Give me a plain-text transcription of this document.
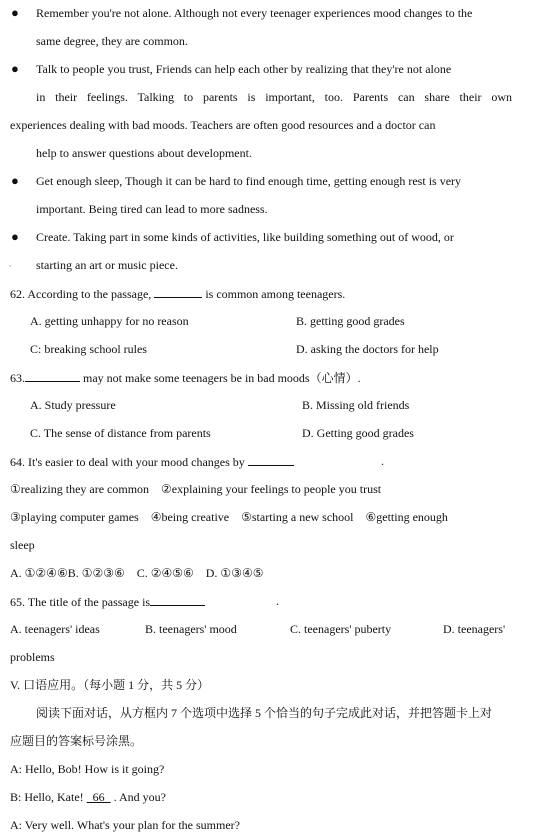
● Remember you're not alone. Although not every teenager experiences mood changes to the
same degree, they are common.
● Talk to people you trust, Friends can help each other by realizing that they're not alone
in their feelings. Talking to parents is important, too. Parents can share their own
experiences dealing with bad moods. Teachers are often good resources and a doctor can
help to answer questions about development.
● Get enough sleep, Though it can be hard to find enough time, getting enough rest is very
important. Being tired can lead to more sadness.
● Create. Taking part in some kinds of activities, like building something out of wood, or
starting an art or music piece.
62. According to the passage,	is common among teenagers.
A. getting unhappy for no reason	B. getting good grades
C: breaking school rules	D. asking the doctors for help
63.	may not make some teenagers be in bad moods（心情）.
A. Study pressure	B. Missing old friends
C. The sense of distance from parents	D. Getting good grades
64. It's easier to deal with your mood changes by	.
①realizing they are common　②explaining your feelings to people you trust
③playing computer games　④being creative　⑤starting a new school　⑥getting enough
sleep
A. ①②④⑥B. ①②③⑥　C. ②④⑤⑥　D. ①③④⑤
65. The title of the passage is	.
A. teenagers' ideas	B. teenagers' mood	C. teenagers' puberty	D. teenagers'
problems
V. 口语应用。（每小题 1 分，共 5 分）
阅读下面对话，从方框内 7 个选项中选择 5 个恰当的句子完成此对话，并把答题卡上对
应题目的答案标号涂黑。
A: Hello, Bob! How is it going?
B: Hello, Kate! 66 . And you?
A: Very well. What's your plan for the summer?
